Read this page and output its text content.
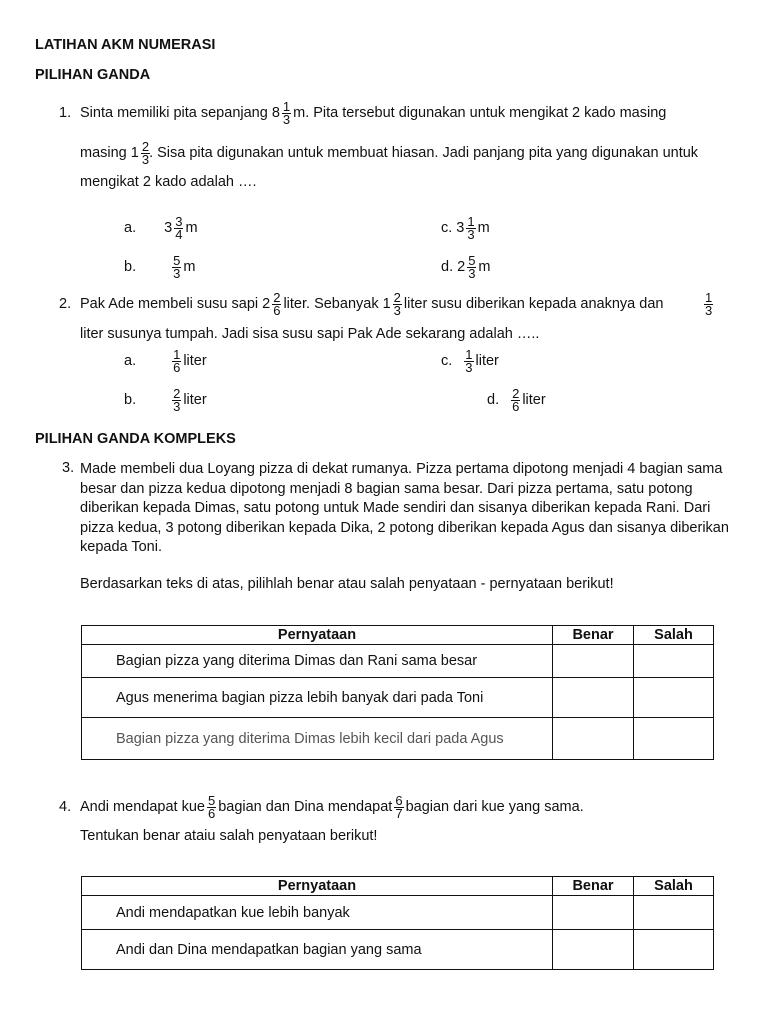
LATIHAN AKM NUMERASI
PILIHAN GANDA
1. Sinta memiliki pita sepanjang $8 \frac{1}{3} m$. Pita tersebut digunakan untuk mengikat 2 kado masing
masing $1 \frac{2}{3}$ . Sisa pita digunakan untuk membuat hiasan. Jadi panjang pita yang digunakan untuk
mengikat 2 kado adalah ….
a. $3 \frac{3}{4}$ m
b.	$\frac{5}{3}$ m
c. $3 \frac{1}{3}$ m
d. $2 \frac{5}{3}$ m
2. Pak Ade membeli susu sapi $2 \frac{2}{6}$ liter. Sebanyak $1 \frac{2}{3}$ liter susu diberikan kepada anaknya dan	$\frac{1}{3}$
liter susunya tumpah. Jadi sisa susu sapi Pak Ade sekarang adalah …..
a.	$\frac{1}{6}$ liter
b.	$\frac{2}{3}$ liter
c. $\frac{1}{3}$ liter
d. $\frac{2}{6}$ liter
PILIHAN GANDA KOMPLEKS
3. Made membeli dua Loyang pizza di dekat rumanya. Pizza pertama dipotong menjadi 4 bagian sama besar dan pizza kedua dipotong menjadi 8 bagian sama besar. Dari pizza pertama, satu potong diberikan kepada Dimas, satu potong untuk Made sendiri dan sisanya diberikan kepada Rani. Dari pizza kedua, 3 potong diberikan kepada Dika, 2 potong diberikan kepada Agus dan sisanya diberikan kepada Toni.
Berdasarkan teks di atas, pilihlah benar atau salah penyataan - pernyataan berikut!
Pernyataan	Benar	Salah
Bagian pizza yang diterima Dimas dan Rani sama besar		
Agus menerima bagian pizza lebih banyak dari pada Toni		
Bagian pizza yang diterima Dimas lebih kecil dari pada Agus		
4. Andi mendapat kue $\frac{5}{6}$ bagian dan Dina mendapat $\frac{6}{7}$ bagian dari kue yang sama.
Tentukan benar ataiu salah penyataan berikut!
Pernyataan	Benar	Salah
Andi mendapatkan kue lebih banyak		
Andi dan Dina mendapatkan bagian yang sama		
